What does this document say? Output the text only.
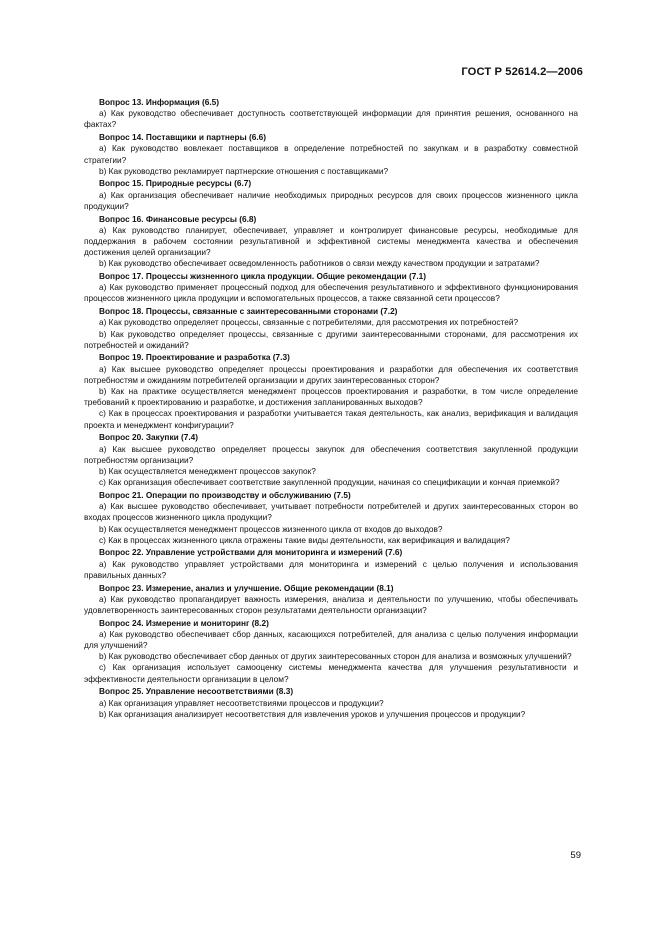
ГОСТ Р 52614.2—2006

Вопрос 13. Информация (6.5)

а) Как руководство обеспечивает доступность соответствующей информации для принятия решения, основанного на фактах?

Вопрос 14. Поставщики и партнеры (6.6)

а) Как руководство вовлекает поставщиков в определение потребностей по закупкам и в разработку совместной стратегии?

b) Как руководство рекламирует партнерские отношения с поставщиками?

Вопрос 15. Природные ресурсы (6.7)

а) Как организация обеспечивает наличие необходимых природных ресурсов для своих процессов жизненного цикла продукции?

Вопрос 16. Финансовые ресурсы (6.8)

а) Как руководство планирует, обеспечивает, управляет и контролирует финансовые ресурсы, необходимые для поддержания в рабочем состоянии результативной и эффективной системы менеджмента качества и обеспечения достижения целей организации?

b) Как руководство обеспечивает осведомленность работников о связи между качеством продукции и затратами?

Вопрос 17. Процессы жизненного цикла продукции. Общие рекомендации (7.1)

а) Как руководство применяет процессный подход для обеспечения результативного и эффективного функционирования процессов жизненного цикла продукции и вспомогательных процессов, а также связанной сети процессов?

Вопрос 18. Процессы, связанные с заинтересованными сторонами (7.2)

а) Как руководство определяет процессы, связанные с потребителями, для рассмотрения их потребностей?

b) Как руководство определяет процессы, связанные с другими заинтересованными сторонами, для рассмотрения их потребностей и ожиданий?

Вопрос 19. Проектирование и разработка (7.3)

а) Как высшее руководство определяет процессы проектирования и разработки для обеспечения их соответствия потребностям и ожиданиям потребителей организации и других заинтересованных сторон?

b) Как на практике осуществляется менеджмент процессов проектирования и разработки, в том числе определение требований к проектированию и разработке, и достижения запланированных выходов?

c) Как в процессах проектирования и разработки учитывается такая деятельность, как анализ, верификация и валидация проекта и менеджмент конфигурации?

Вопрос 20. Закупки (7.4)

а) Как высшее руководство определяет процессы закупок для обеспечения соответствия закупленной продукции потребностям организации?

b) Как осуществляется менеджмент процессов закупок?

c) Как организация обеспечивает соответствие закупленной продукции, начиная со спецификации и кончая приемкой?

Вопрос 21. Операции по производству и обслуживанию (7.5)

а) Как высшее руководство обеспечивает, учитывает потребности потребителей и других заинтересованных сторон во входах процессов жизненного цикла продукции?

b) Как осуществляется менеджмент процессов жизненного цикла от входов до выходов?

c) Как в процессах жизненного цикла отражены такие виды деятельности, как верификация и валидация?

Вопрос 22. Управление устройствами для мониторинга и измерений (7.6)

а) Как руководство управляет устройствами для мониторинга и измерений с целью получения и использования правильных данных?

Вопрос 23. Измерение, анализ и улучшение. Общие рекомендации (8.1)

а) Как руководство пропагандирует важность измерения, анализа и деятельности по улучшению, чтобы обеспечивать удовлетворенность заинтересованных сторон результатами деятельности организации?

Вопрос 24. Измерение и мониторинг (8.2)

а) Как руководство обеспечивает сбор данных, касающихся потребителей, для анализа с целью получения информации для улучшений?

b) Как руководство обеспечивает сбор данных от других заинтересованных сторон для анализа и возможных улучшений?

c) Как организация использует самооценку системы менеджмента качества для улучшения результативности и эффективности деятельности организации в целом?

Вопрос 25. Управление несоответствиями (8.3)

а) Как организация управляет несоответствиями процессов и продукции?

b) Как организация анализирует несоответствия для извлечения уроков и улучшения процессов и продукции?

59
